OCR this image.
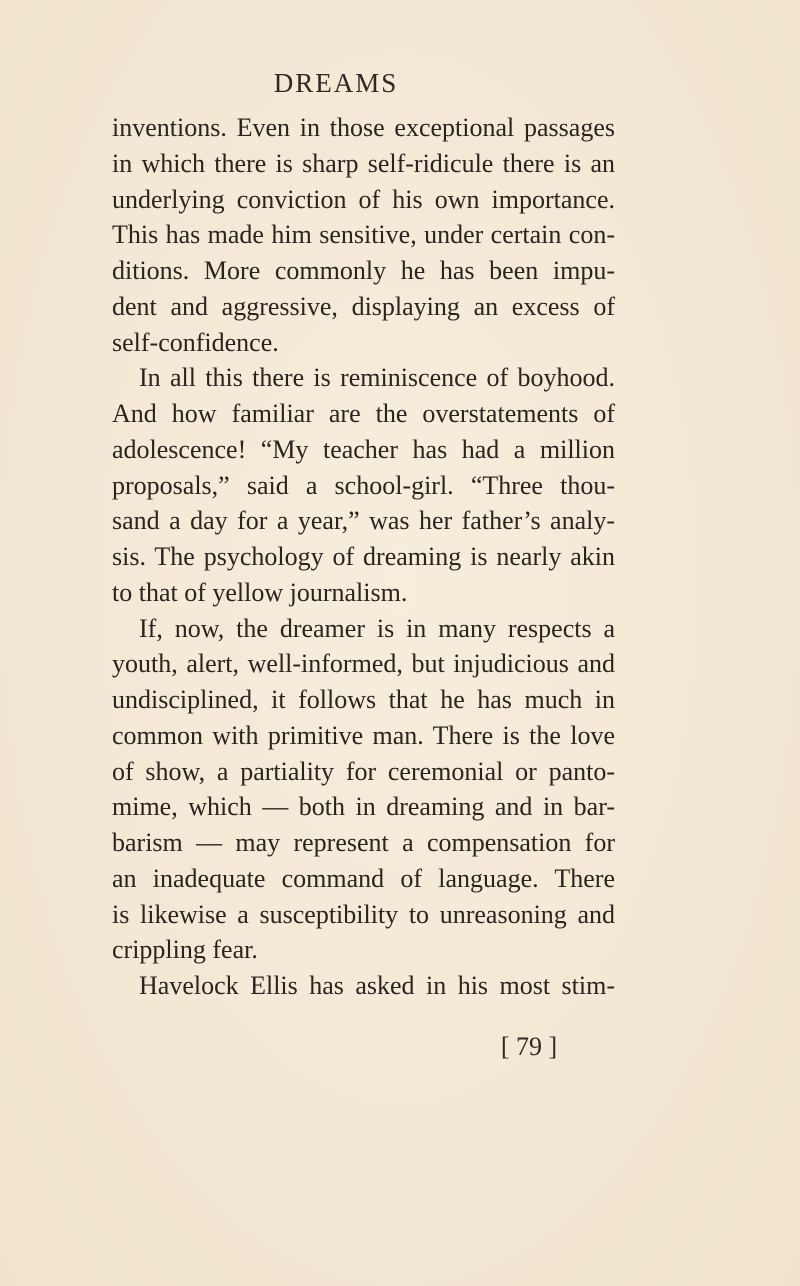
DREAMS
inventions. Even in those exceptional passages
in which there is sharp self-ridicule there is an
underlying conviction of his own importance.
This has made him sensitive, under certain con-
ditions. More commonly he has been impu-
dent and aggressive, displaying an excess of
self-confidence.
In all this there is reminiscence of boyhood.
And how familiar are the overstatements of
adolescence! “My teacher has had a million
proposals,” said a school-girl. “Three thou-
sand a day for a year,” was her father’s analy-
sis. The psychology of dreaming is nearly akin
to that of yellow journalism.
If, now, the dreamer is in many respects a
youth, alert, well-informed, but injudicious and
undisciplined, it follows that he has much in
common with primitive man. There is the love
of show, a partiality for ceremonial or panto-
mime, which — both in dreaming and in bar-
barism — may represent a compensation for
an inadequate command of language. There
is likewise a susceptibility to unreasoning and
crippling fear.
Havelock Ellis has asked in his most stim-
[ 79 ]
